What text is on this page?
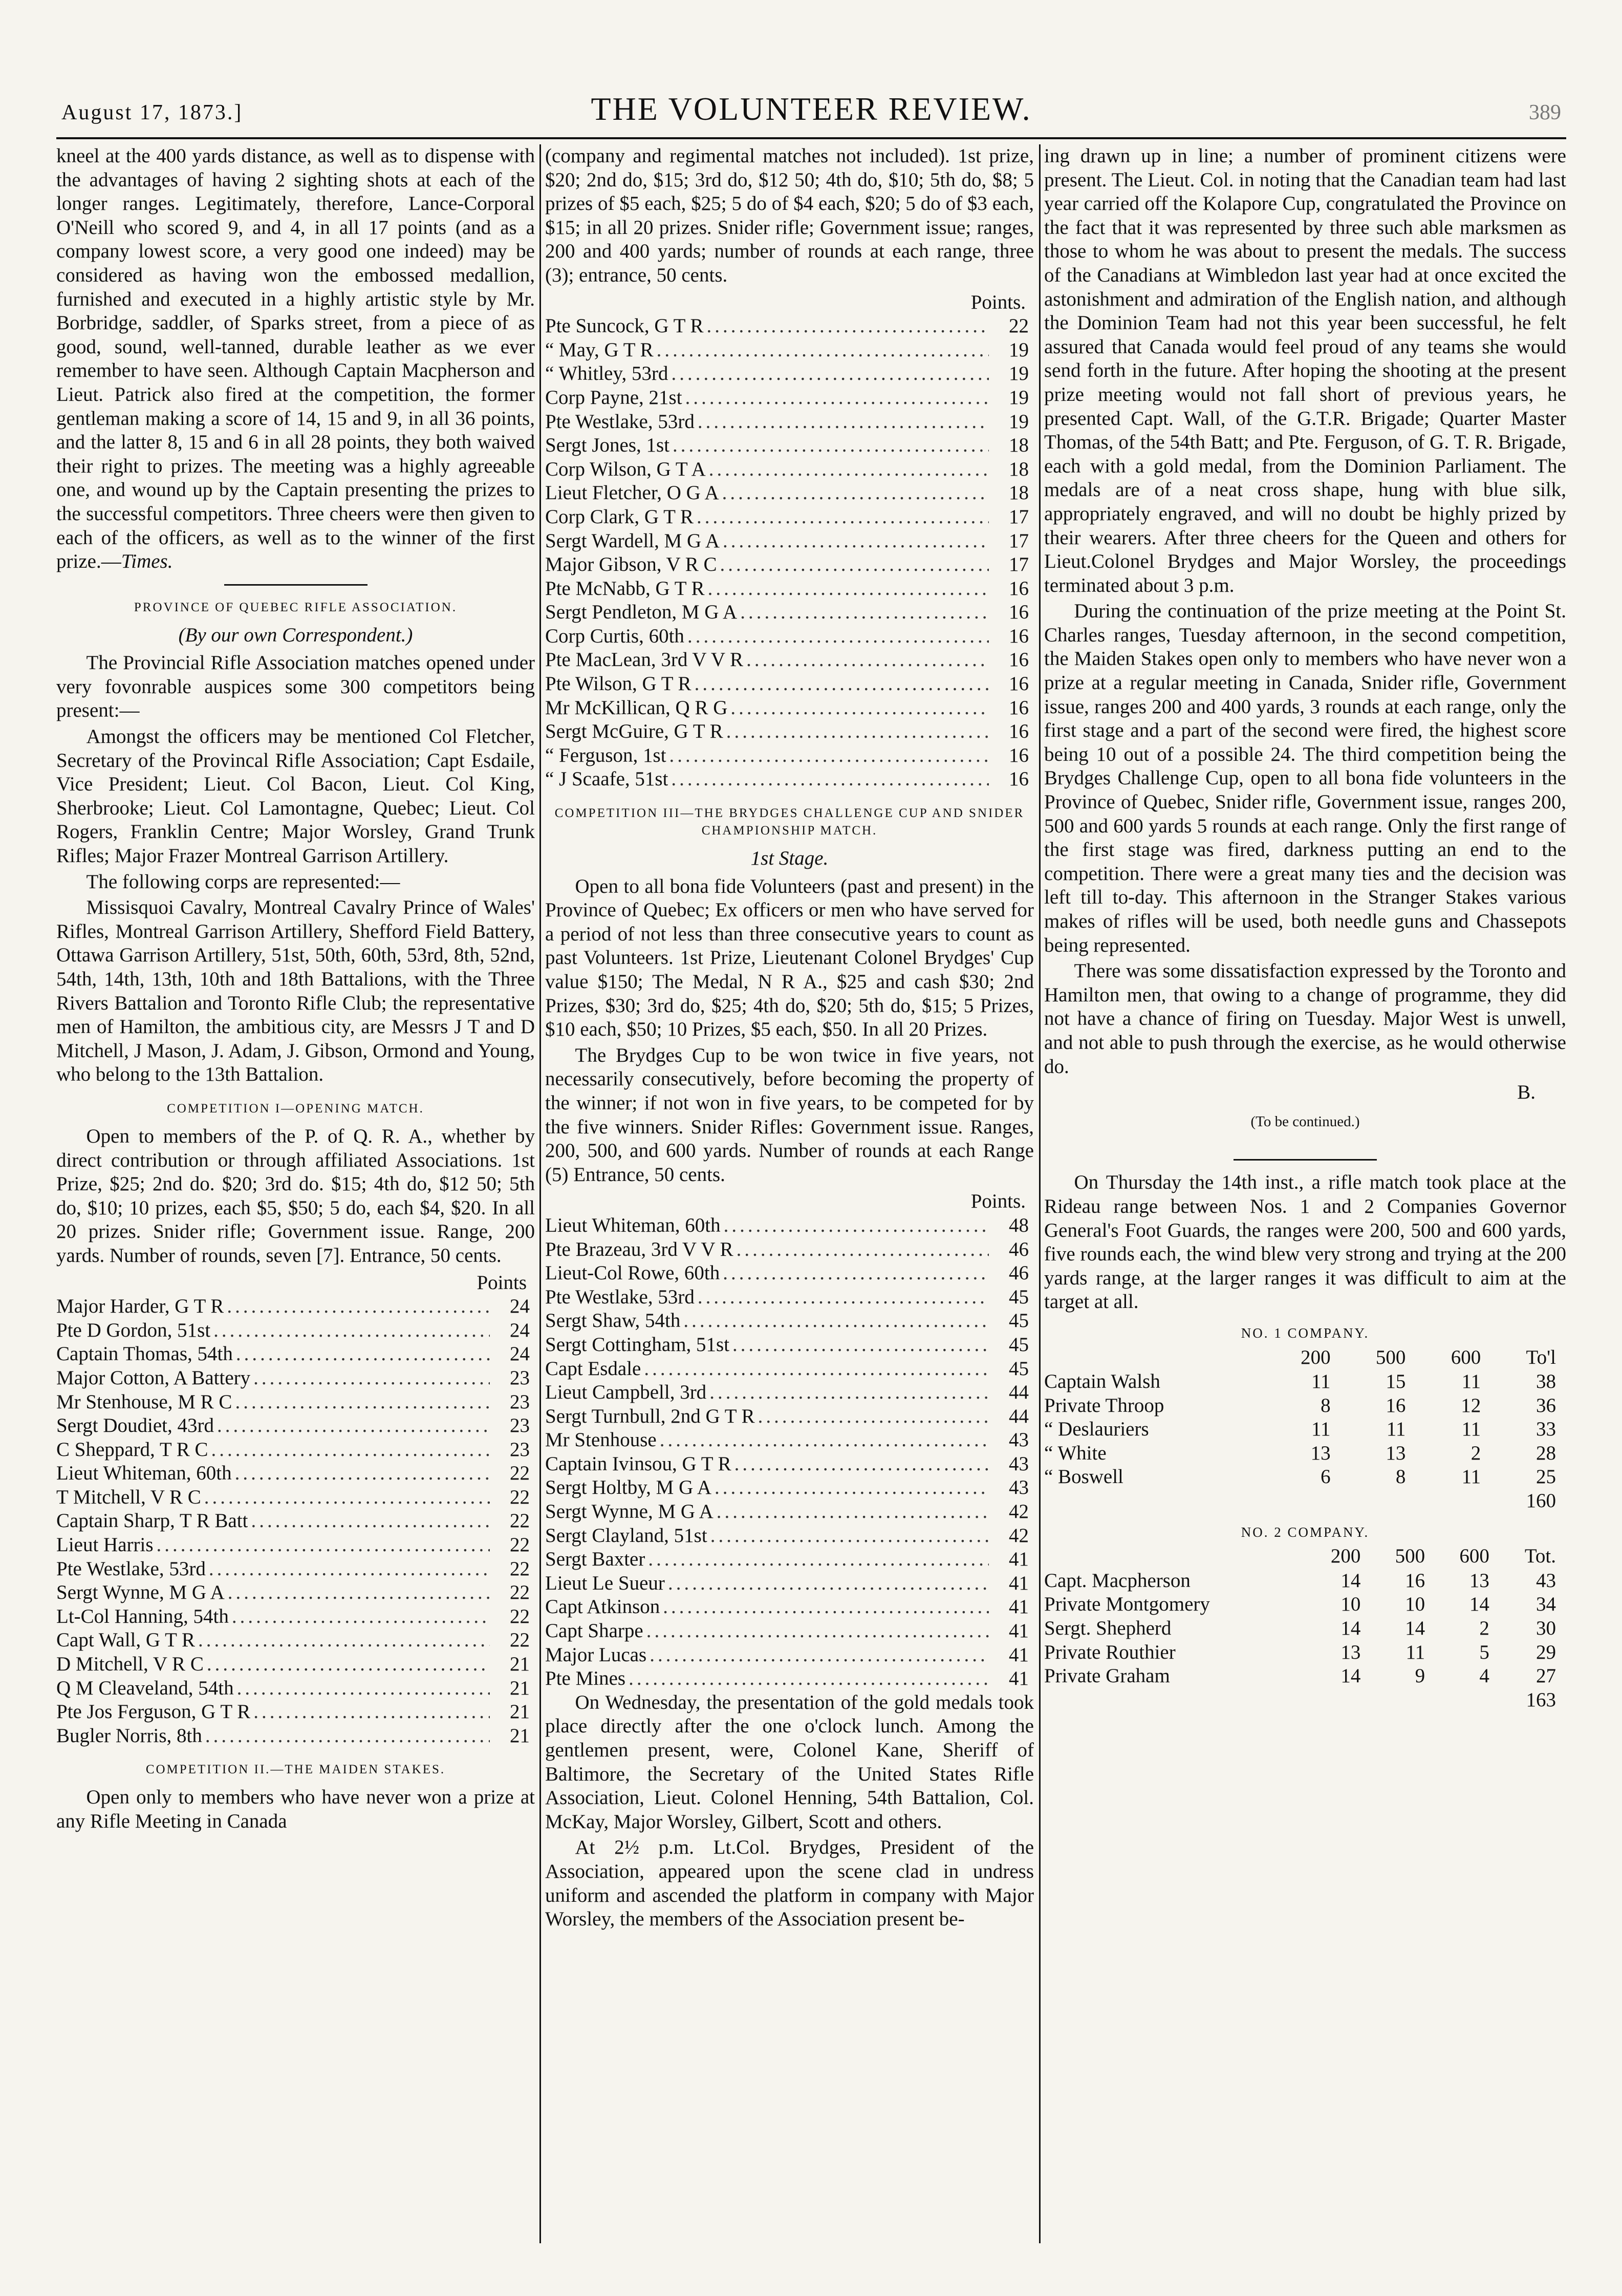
August 17, 1873.]	THE VOLUNTEER REVIEW.	389

kneel at the 400 yards distance, as well as to dispense with the advantages of having 2 sighting shots at each of the longer ranges. Legitimately, therefore, Lance-Corporal O'Neill who scored 9, and 4, in all 17 points (and as a company lowest score, a very good one indeed) may be considered as having won the embossed medallion, furnished and executed in a highly artistic style by Mr. Borbridge, saddler, of Sparks street, from a piece of as good, sound, well-tanned, durable leather as we ever remember to have seen. Although Captain Macpherson and Lieut. Patrick also fired at the competition, the former gentleman making a score of 14, 15 and 9, in all 36 points, and the latter 8, 15 and 6 in all 28 points, they both waived their right to prizes. The meeting was a highly agreeable one, and wound up by the Captain presenting the prizes to the successful competitors. Three cheers were then given to each of the officers, as well as to the winner of the first prize.—Times.

PROVINCE OF QUEBEC RIFLE ASSOCIATION.
(By our own Correspondent.)

The Provincial Rifle Association matches opened under very fovonrable auspices some 300 competitors being present:—

Amongst the officers may be mentioned Col Fletcher, Secretary of the Provincal Rifle Association; Capt Esdaile, Vice President; Lieut. Col Bacon, Lieut. Col King, Sherbrooke; Lieut. Col Lamontagne, Quebec; Lieut. Col Rogers, Franklin Centre; Major Worsley, Grand Trunk Rifles; Major Frazer Montreal Garrison Artillery.

The following corps are represented:—

Missisquoi Cavalry, Montreal Cavalry Prince of Wales' Rifles, Montreal Garrison Artillery, Shefford Field Battery, Ottawa Garrison Artillery, 51st, 50th, 60th, 53rd, 8th, 52nd, 54th, 14th, 13th, 10th and 18th Battalions, with the Three Rivers Battalion and Toronto Rifle Club; the representative men of Hamilton, the ambitious city, are Messrs J T and D Mitchell, J Mason, J. Adam, J. Gibson, Ormond and Young, who belong to the 13th Battalion.

COMPETITION I—OPENING MATCH.

Open to members of the P. of Q. R. A., whether by direct contribution or through affiliated Associations. 1st Prize, $25; 2nd do. $20; 3rd do. $15; 4th do, $12 50; 5th do, $10; 10 prizes, each $5, $50; 5 do, each $4, $20. In all 20 prizes. Snider rifle; Government issue. Range, 200 yards. Number of rounds, seven [7]. Entrance, 50 cents.

Points
Major Harder, G T R .....	24
Pte D Gordon, 51st .....	24
Captain Thomas, 54th .....	24
Major Cotton, A Battery .....	23
Mr Stenhouse, M R C .....	23
Sergt Doudiet, 43rd .....	23
C Sheppard, T R C .....	23
Lieut Whiteman, 60th .....	22
T Mitchell, V R C .....	22
Captain Sharp, T R Batt .....	22
Lieut Harris .....	22
Pte Westlake, 53rd .....	22
Sergt Wynne, M G A .....	22
Lt-Col Hanning, 54th .....	22
Capt Wall, G T R .....	22
D Mitchell, V R C .....	21
Q M Cleaveland, 54th .....	21
Pte Jos Ferguson, G T R .....	21
Bugler Norris, 8th .....	21
COMPETITION II.—THE MAIDEN STAKES.

Open only to members who have never won a prize at any Rifle Meeting in Canada

(company and regimental matches not included). 1st prize, $20; 2nd do, $15; 3rd do, $12 50; 4th do, $10; 5th do, $8; 5 prizes of $5 each, $25; 5 do of $4 each, $20; 5 do of $3 each, $15; in all 20 prizes. Snider rifle; Government issue; ranges, 200 and 400 yards; number of rounds at each range, three (3); entrance, 50 cents.

Points.
Pte Suncock, G T R .....	22
“ May, G T R .....	19
“ Whitley, 53rd .....	19
Corp Payne, 21st .....	19
Pte Westlake, 53rd .....	19
Sergt Jones, 1st .....	18
Corp Wilson, G T A .....	18
Lieut Fletcher, O G A .....	18
Corp Clark, G T R .....	17
Sergt Wardell, M G A .....	17
Major Gibson, V R C .....	17
Pte McNabb, G T R .....	16
Sergt Pendleton, M G A .....	16
Corp Curtis, 60th .....	16
Pte MacLean, 3rd V V R .....	16
Pte Wilson, G T R .....	16
Mr McKillican, Q R G .....	16
Sergt McGuire, G T R .....	16
“ Ferguson, 1st .....	16
“ J Scaafe, 51st .....	16
COMPETITION III—THE BRYDGES CHALLENGE CUP AND SNIDER CHAMPIONSHIP MATCH.
1st Stage.

Open to all bona fide Volunteers (past and present) in the Province of Quebec; Ex officers or men who have served for a period of not less than three consecutive years to count as past Volunteers. 1st Prize, Lieutenant Colonel Brydges' Cup value $150; The Medal, N R A., $25 and cash $30; 2nd Prizes, $30; 3rd do, $25; 4th do, $20; 5th do, $15; 5 Prizes, $10 each, $50; 10 Prizes, $5 each, $50. In all 20 Prizes.

The Brydges Cup to be won twice in five years, not necessarily consecutively, before becoming the property of the winner; if not won in five years, to be competed for by the five winners. Snider Rifles: Government issue. Ranges, 200, 500, and 600 yards. Number of rounds at each Range (5) Entrance, 50 cents.

Points.
Lieut Whiteman, 60th .....	48
Pte Brazeau, 3rd V V R .....	46
Lieut-Col Rowe, 60th .....	46
Pte Westlake, 53rd .....	45
Sergt Shaw, 54th .....	45
Sergt Cottingham, 51st .....	45
Capt Esdale .....	45
Lieut Campbell, 3rd .....	44
Sergt Turnbull, 2nd G T R .....	44
Mr Stenhouse .....	43
Captain Ivinsou, G T R .....	43
Sergt Holtby, M G A .....	43
Sergt Wynne, M G A .....	42
Sergt Clayland, 51st .....	42
Sergt Baxter .....	41
Lieut Le Sueur .....	41
Capt Atkinson .....	41
Capt Sharpe .....	41
Major Lucas .....	41
Pte Mines .....	41

On Wednesday, the presentation of the gold medals took place directly after the one o'clock lunch. Among the gentlemen present, were, Colonel Kane, Sheriff of Baltimore, the Secretary of the United States Rifle Association, Lieut. Colonel Henning, 54th Battalion, Col. McKay, Major Worsley, Gilbert, Scott and others.

At 2½ p.m. Lt.Col. Brydges, President of the Association, appeared upon the scene clad in undress uniform and ascended the platform in company with Major Worsley, the members of the Association present be-

ing drawn up in line; a number of prominent citizens were present. The Lieut. Col. in noting that the Canadian team had last year carried off the Kolapore Cup, congratulated the Province on the fact that it was represented by three such able marksmen as those to whom he was about to present the medals. The success of the Canadians at Wimbledon last year had at once excited the astonishment and admiration of the English nation, and although the Dominion Team had not this year been successful, he felt assured that Canada would feel proud of any teams she would send forth in the future. After hoping the shooting at the present prize meeting would not fall short of previous years, he presented Capt. Wall, of the G.T.R. Brigade; Quarter Master Thomas, of the 54th Batt; and Pte. Ferguson, of G. T. R. Brigade, each with a gold medal, from the Dominion Parliament. The medals are of a neat cross shape, hung with blue silk, appropriately engraved, and will no doubt be highly prized by their wearers. After three cheers for the Queen and others for Lieut.Colonel Brydges and Major Worsley, the proceedings terminated about 3 p.m.

During the continuation of the prize meeting at the Point St. Charles ranges, Tuesday afternoon, in the second competition, the Maiden Stakes open only to members who have never won a prize at a regular meeting in Canada, Snider rifle, Government issue, ranges 200 and 400 yards, 3 rounds at each range, only the first stage and a part of the second were fired, the highest score being 10 out of a possible 24. The third competition being the Brydges Challenge Cup, open to all bona fide volunteers in the Province of Quebec, Snider rifle, Government issue, ranges 200, 500 and 600 yards 5 rounds at each range. Only the first range of the first stage was fired, darkness putting an end to the competition. There were a great many ties and the decision was left till to-day. This afternoon in the Stranger Stakes various makes of rifles will be used, both needle guns and Chassepots being represented.

There was some dissatisfaction expressed by the Toronto and Hamilton men, that owing to a change of programme, they did not have a chance of firing on Tuesday. Major West is unwell, and not able to push through the exercise, as he would otherwise do.

B.
(To be continued.)

On Thursday the 14th inst., a rifle match took place at the Rideau range between Nos. 1 and 2 Companies Governor General's Foot Guards, the ranges were 200, 500 and 600 yards, five rounds each, the wind blew very strong and trying at the 200 yards range, at the larger ranges it was difficult to aim at the target at all.

NO. 1 COMPANY.
	200	500	600	To'l
Captain Walsh	11	15	11	38
Private Throop	8	16	12	36
“ Deslauriers	11	11	11	33
“ White	13	13	2	28
“ Boswell	6	8	11	25
160
NO. 2 COMPANY.
	200	500	600	Tot.
Capt. Macpherson	14	16	13	43
Private Montgomery	10	10	14	34
Sergt. Shepherd	14	14	2	30
Private Routhier	13	11	5	29
Private Graham	14	9	4	27
163
